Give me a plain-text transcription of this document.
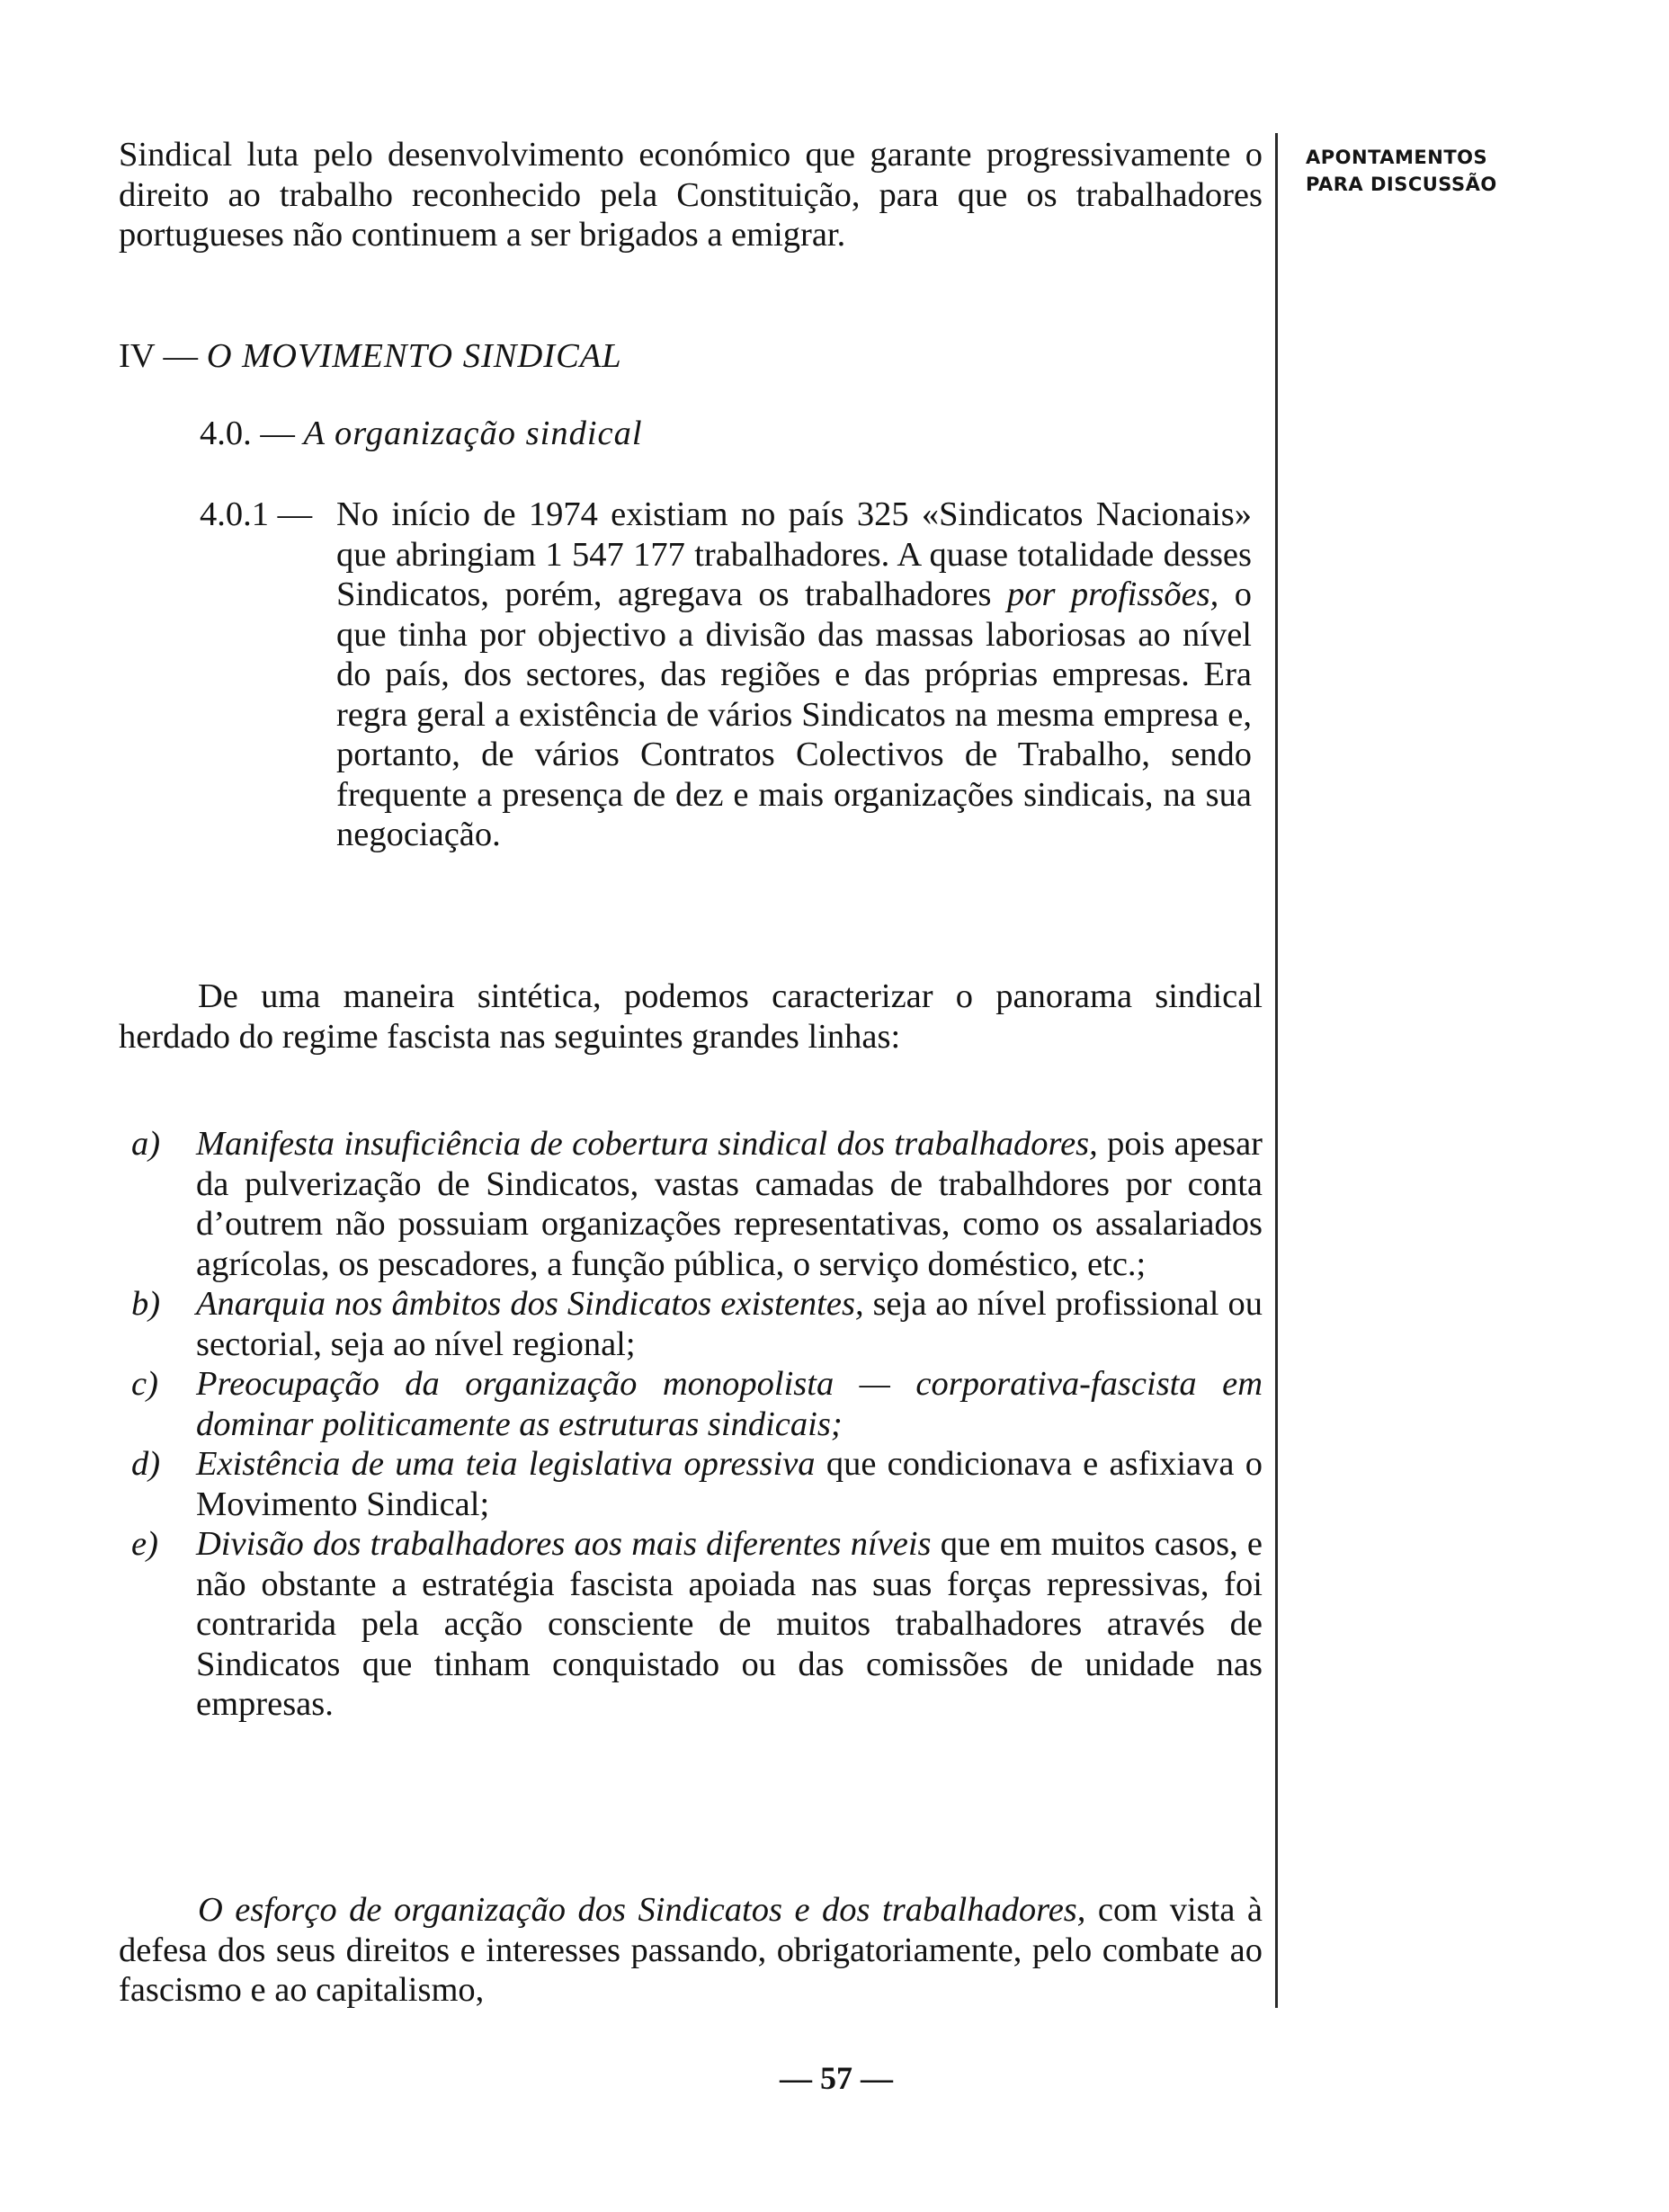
APONTAMENTOS
PARA DISCUSSÃO

Sindical luta pelo desenvolvimento económico que garante progressivamente o direito ao trabalho reconhecido pela Constituição, para que os trabalhadores portugueses não continuem a ser brigados a emigrar.

IV — O MOVIMENTO SINDICAL
4.0. — A organização sindical
4.0.1 — No início de 1974 existiam no país 325 «Sindicatos Nacionais» que abringiam 1 547 177 trabalhadores. A quase totalidade desses Sindicatos, porém, agregava os trabalhadores por profissões, o que tinha por objectivo a divisão das massas laboriosas ao nível do país, dos sectores, das regiões e das próprias empresas. Era regra geral a existência de vários Sindicatos na mesma empresa e, portanto, de vários Contratos Colectivos de Trabalho, sendo frequente a presença de dez e mais organizações sindicais, na sua negociação.

De uma maneira sintética, podemos caracterizar o panorama sindical herdado do regime fascista nas seguintes grandes linhas:

a) Manifesta insuficiência de cobertura sindical dos trabalhadores, pois apesar da pulverização de Sindicatos, vastas camadas de trabalhdores por conta d’outrem não possuiam organizações representativas, como os assalariados agrícolas, os pescadores, a função pública, o serviço doméstico, etc.;
b) Anarquia nos âmbitos dos Sindicatos existentes, seja ao nível profissional ou sectorial, seja ao nível regional;
c) Preocupação da organização monopolista — corporativa-fascista em dominar politicamente as estruturas sindicais;
d) Existência de uma teia legislativa opressiva que condicionava e asfixiava o Movimento Sindical;
e) Divisão dos trabalhadores aos mais diferentes níveis que em muitos casos, e não obstante a estratégia fascista apoiada nas suas forças repressivas, foi contrarida pela acção consciente de muitos trabalhadores através de Sindicatos que tinham conquistado ou das comissões de unidade nas empresas.

O esforço de organização dos Sindicatos e dos trabalhadores, com vista à defesa dos seus direitos e interesses passando, obrigatoriamente, pelo combate ao fascismo e ao capitalismo,

— 57 —
